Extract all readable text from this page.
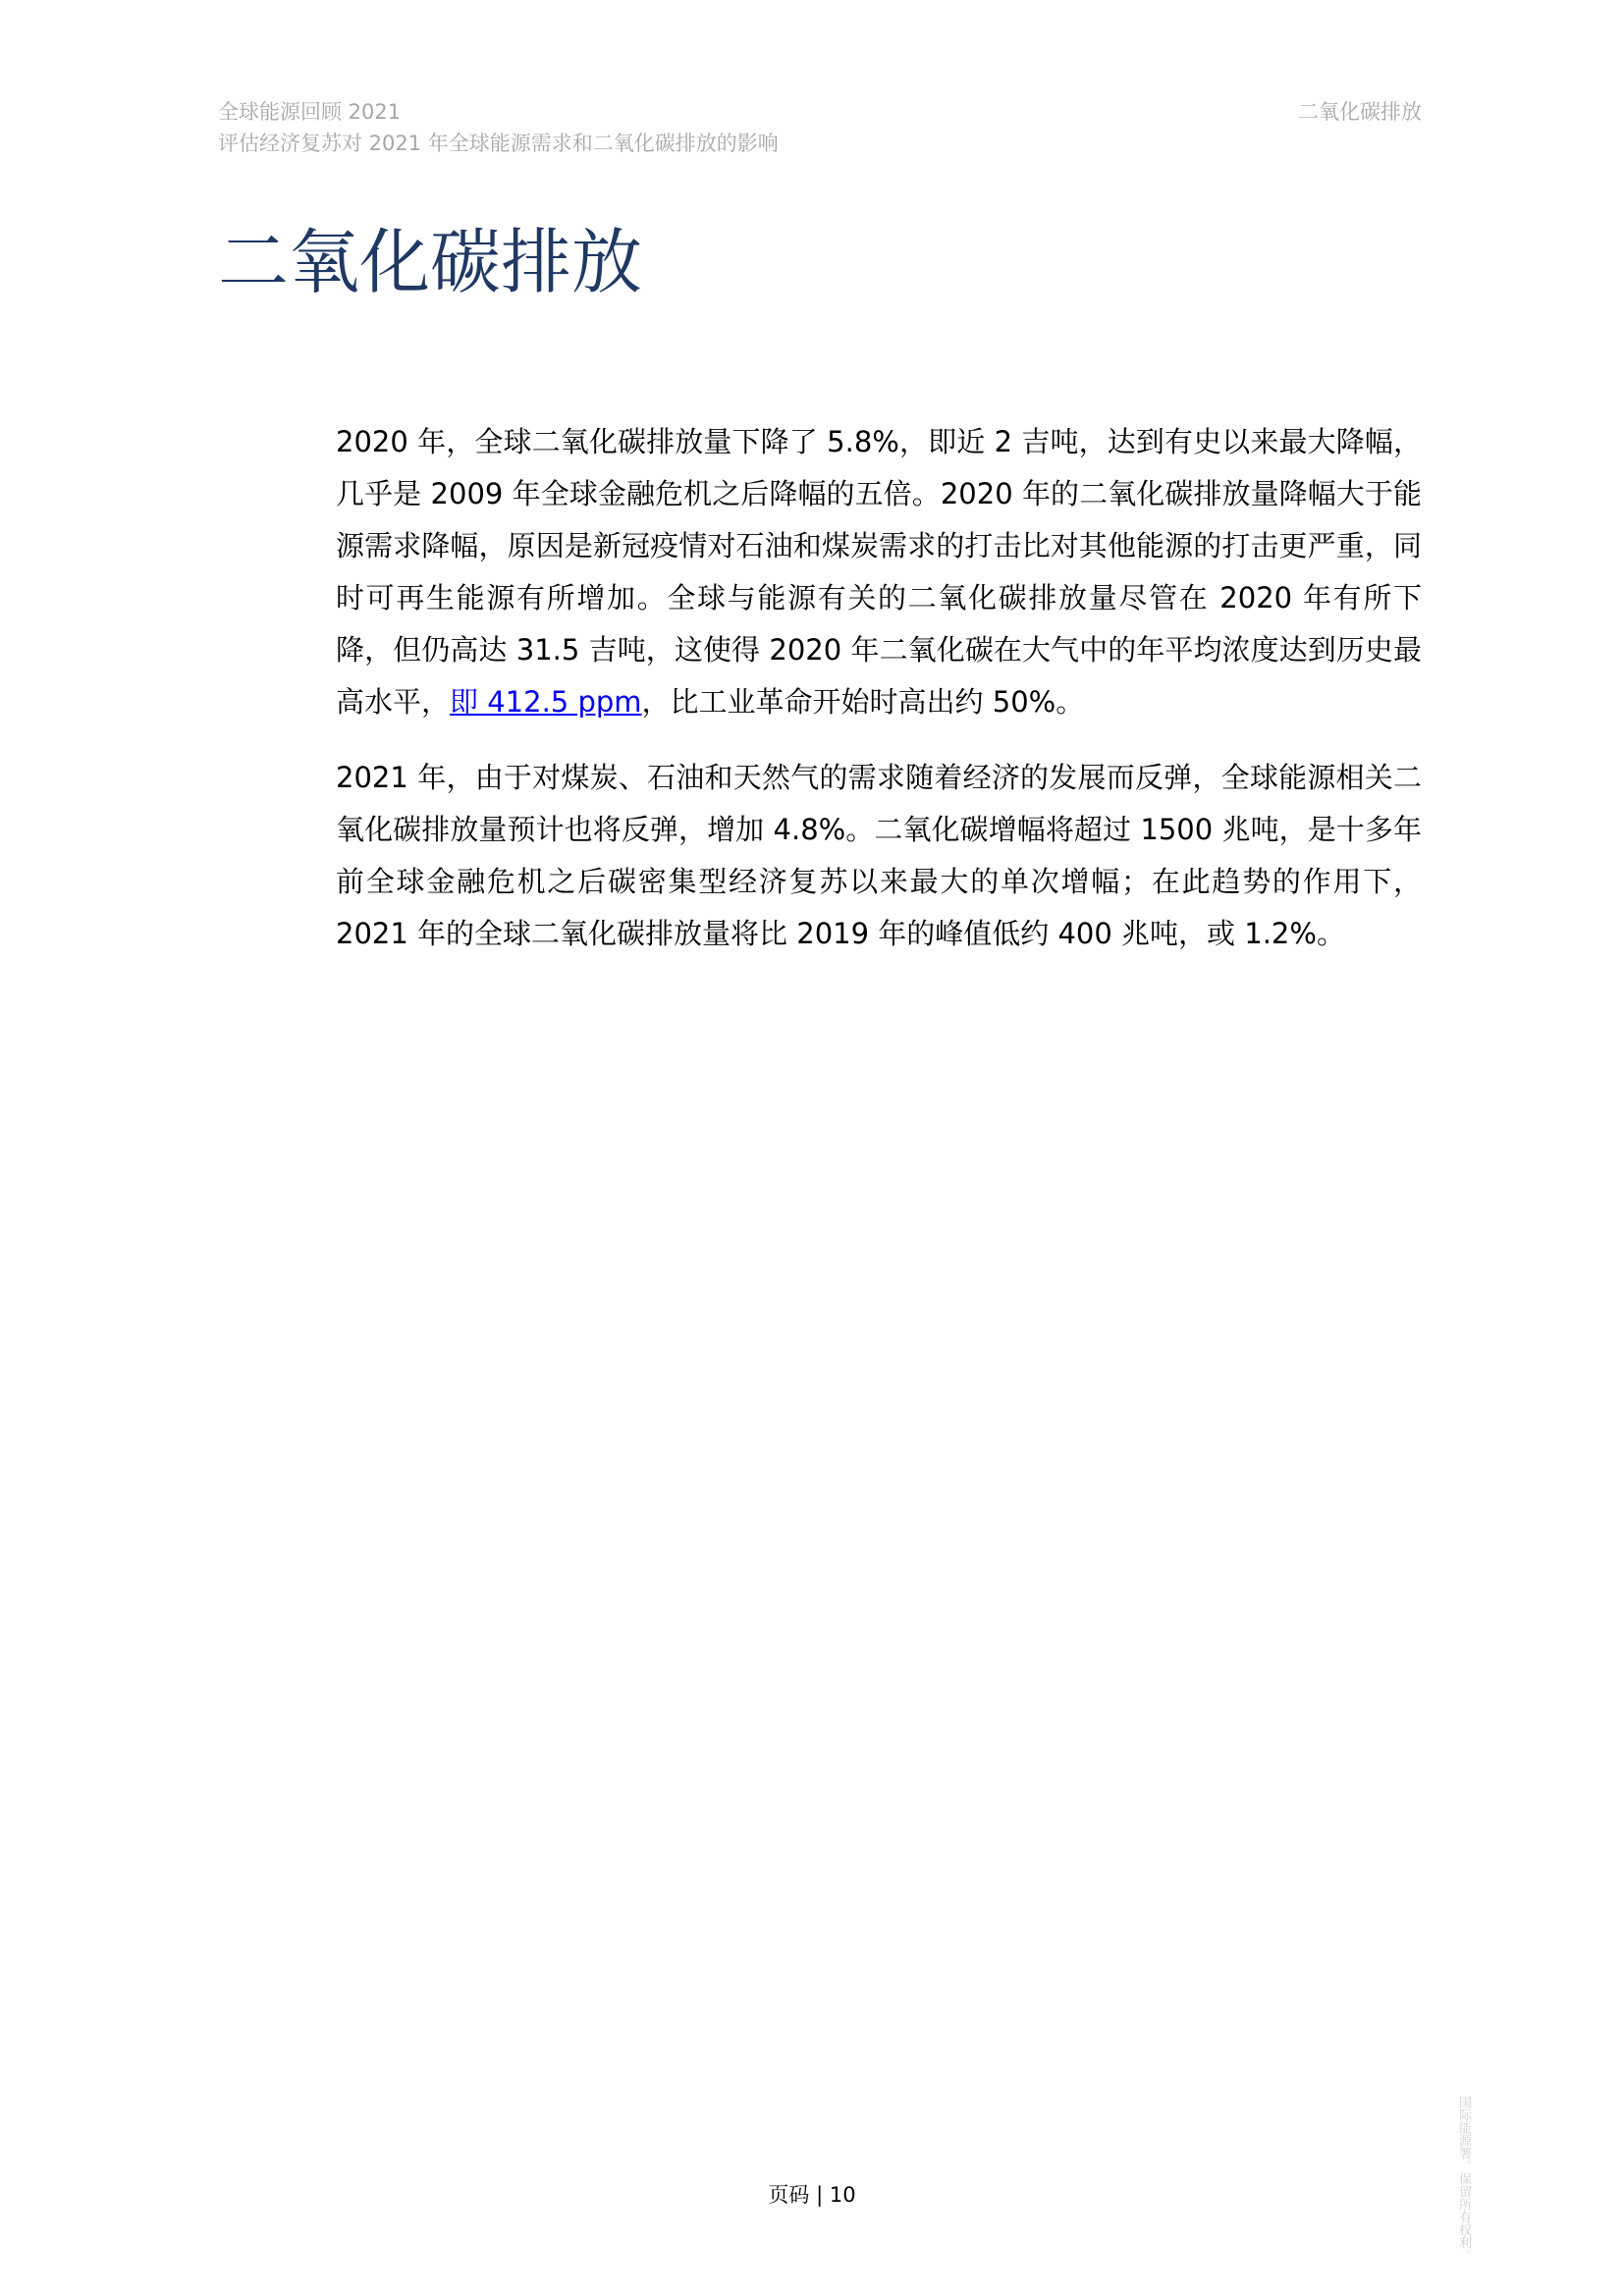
全球能源回顾 2021
评估经济复苏对 2021 年全球能源需求和二氧化碳排放的影响
二氧化碳排放
二氧化碳排放

2020 年，全球二氧化碳排放量下降了 5.8%，即近 2 吉吨，达到有史以来最大降幅，几乎是 2009 年全球金融危机之后降幅的五倍。2020 年的二氧化碳排放量降幅大于能源需求降幅，原因是新冠疫情对石油和煤炭需求的打击比对其他能源的打击更严重，同时可再生能源有所增加。全球与能源有关的二氧化碳排放量尽管在 2020 年有所下降，但仍高达 31.5 吉吨，这使得 2020 年二氧化碳在大气中的年平均浓度达到历史最高水平，即 412.5 ppm，比工业革命开始时高出约 50%。

2021 年，由于对煤炭、石油和天然气的需求随着经济的发展而反弹，全球能源相关二氧化碳排放量预计也将反弹，增加 4.8%。二氧化碳增幅将超过 1500 兆吨，是十多年前全球金融危机之后碳密集型经济复苏以来最大的单次增幅；在此趋势的作用下，2021 年的全球二氧化碳排放量将比 2019 年的峰值低约 400 兆吨，或 1.2%。

页码 | 10	国际能源署。保留所有权利。
